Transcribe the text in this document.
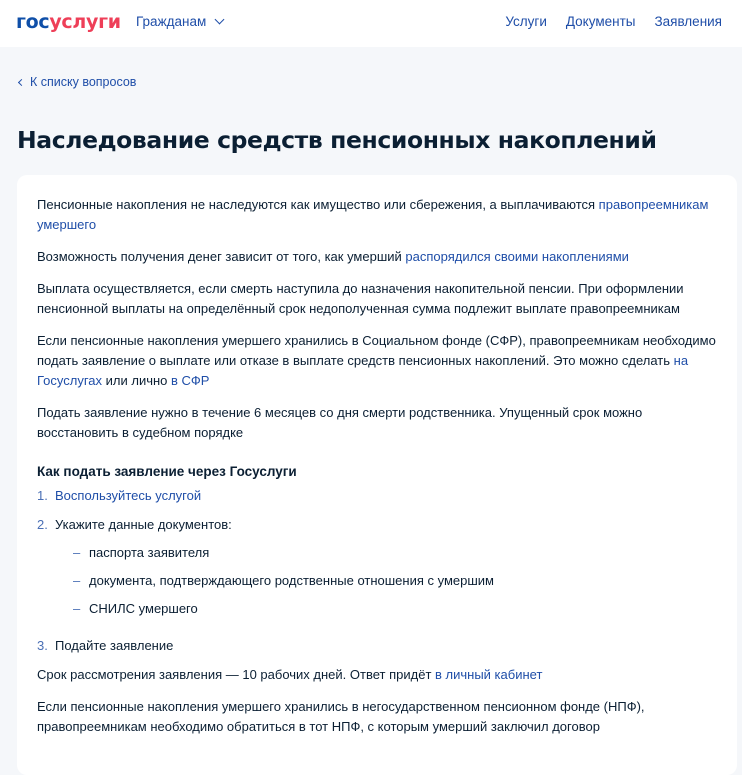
госуслуги Гражданам	Услуги Документы Заявления
К списку вопросов
Наследование средств пенсионных накоплений

Пенсионные накопления не наследуются как имущество или сбережения, а выплачиваются правопреемникам умершего

Возможность получения денег зависит от того, как умерший распорядился своими накоплениями

Выплата осуществляется, если смерть наступила до назначения накопительной пенсии. При оформлении пенсионной выплаты на определённый срок недополученная сумма подлежит выплате правопреемникам

Если пенсионные накопления умершего хранились в Социальном фонде (СФР), правопреемникам необходимо подать заявление о выплате или отказе в выплате средств пенсионных накоплений. Это можно сделать на Госуслугах или лично в СФР

Подать заявление нужно в течение 6 месяцев со дня смерти родственника. Упущенный срок можно восстановить в судебном порядке

Как подать заявление через Госуслуги
1. Воспользуйтесь услугой
2. Укажите данные документов:
– паспорта заявителя
– документа, подтверждающего родственные отношения с умершим
– СНИЛС умершего
3. Подайте заявление

Срок рассмотрения заявления — 10 рабочих дней. Ответ придёт в личный кабинет

Если пенсионные накопления умершего хранились в негосударственном пенсионном фонде (НПФ), правопреемникам необходимо обратиться в тот НПФ, с которым умерший заключил договор
